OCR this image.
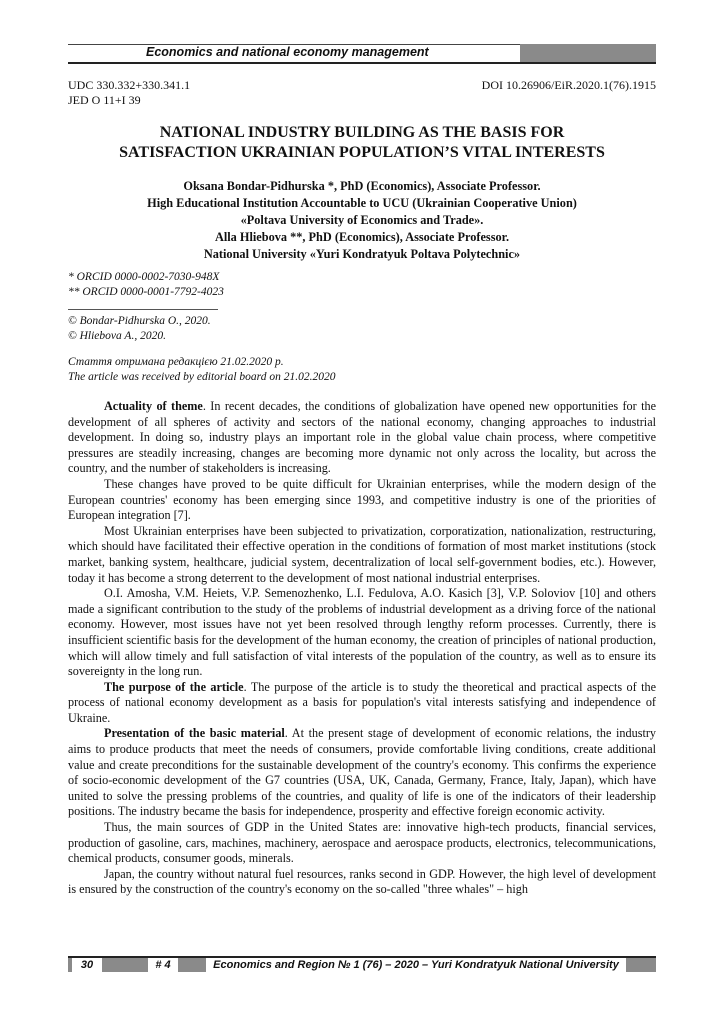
Economics and national economy management
UDC 330.332+330.341.1
JED O 11+I 39
DOI 10.26906/EiR.2020.1(76).1915
NATIONAL INDUSTRY BUILDING AS THE BASIS FOR
SATISFACTION UKRAINIAN POPULATION’S VITAL INTERESTS
Oksana Bondar-Pidhurska *, PhD (Economics), Associate Professor.
High Educational Institution Accountable to UCU (Ukrainian Cooperative Union)
«Poltava University of Economics and Trade».
Alla Hliebova **, PhD (Economics), Associate Professor.
National University «Yuri Kondratyuk Poltava Polytechnic»
* ORCID 0000-0002-7030-948X
** ORCID 0000-0001-7792-4023
© Bondar-Pidhurska O., 2020.
© Hliebova A., 2020.
Стаття отримана редакцією 21.02.2020 р.
The article was received by editorial board on 21.02.2020

Actuality of theme. In recent decades, the conditions of globalization have opened new opportunities for the development of all spheres of activity and sectors of the national economy, changing approaches to industrial development. In doing so, industry plays an important role in the global value chain process, where competitive pressures are steadily increasing, changes are becoming more dynamic not only across the locality, but across the country, and the number of stakeholders is increasing.

These changes have proved to be quite difficult for Ukrainian enterprises, while the modern design of the European countries' economy has been emerging since 1993, and competitive industry is one of the priorities of European integration [7].

Most Ukrainian enterprises have been subjected to privatization, corporatization, nationalization, restructuring, which should have facilitated their effective operation in the conditions of formation of most market institutions (stock market, banking system, healthcare, judicial system, decentralization of local self-government bodies, etc.). However, today it has become a strong deterrent to the development of most national industrial enterprises.

O.I. Amosha, V.M. Heiets, V.P. Semenozhenko, L.I. Fedulova, A.O. Kasich [3], V.P. Soloviov [10] and others made a significant contribution to the study of the problems of industrial development as a driving force of the national economy. However, most issues have not yet been resolved through lengthy reform processes. Currently, there is insufficient scientific basis for the development of the human economy, the creation of principles of national production, which will allow timely and full satisfaction of vital interests of the population of the country, as well as to ensure its sovereignty in the long run.

The purpose of the article. The purpose of the article is to study the theoretical and practical aspects of the process of national economy development as a basis for population's vital interests satisfying and independence of Ukraine.

Presentation of the basic material. At the present stage of development of economic relations, the industry aims to produce products that meet the needs of consumers, provide comfortable living conditions, create additional value and create preconditions for the sustainable development of the country's economy. This confirms the experience of socio-economic development of the G7 countries (USA, UK, Canada, Germany, France, Italy, Japan), which have united to solve the pressing problems of the countries, and quality of life is one of the indicators of their leadership positions. The industry became the basis for independence, prosperity and effective foreign economic activity.

Thus, the main sources of GDP in the United States are: innovative high-tech products, financial services, production of gasoline, cars, machines, machinery, aerospace and aerospace products, electronics, telecommunications, chemical products, consumer goods, minerals.

Japan, the country without natural fuel resources, ranks second in GDP. However, the high level of development is ensured by the construction of the country's economy on the so-called "three whales" – high

30	# 4	Economics and Region № 1 (76) – 2020 – Yuri Kondratyuk National University
